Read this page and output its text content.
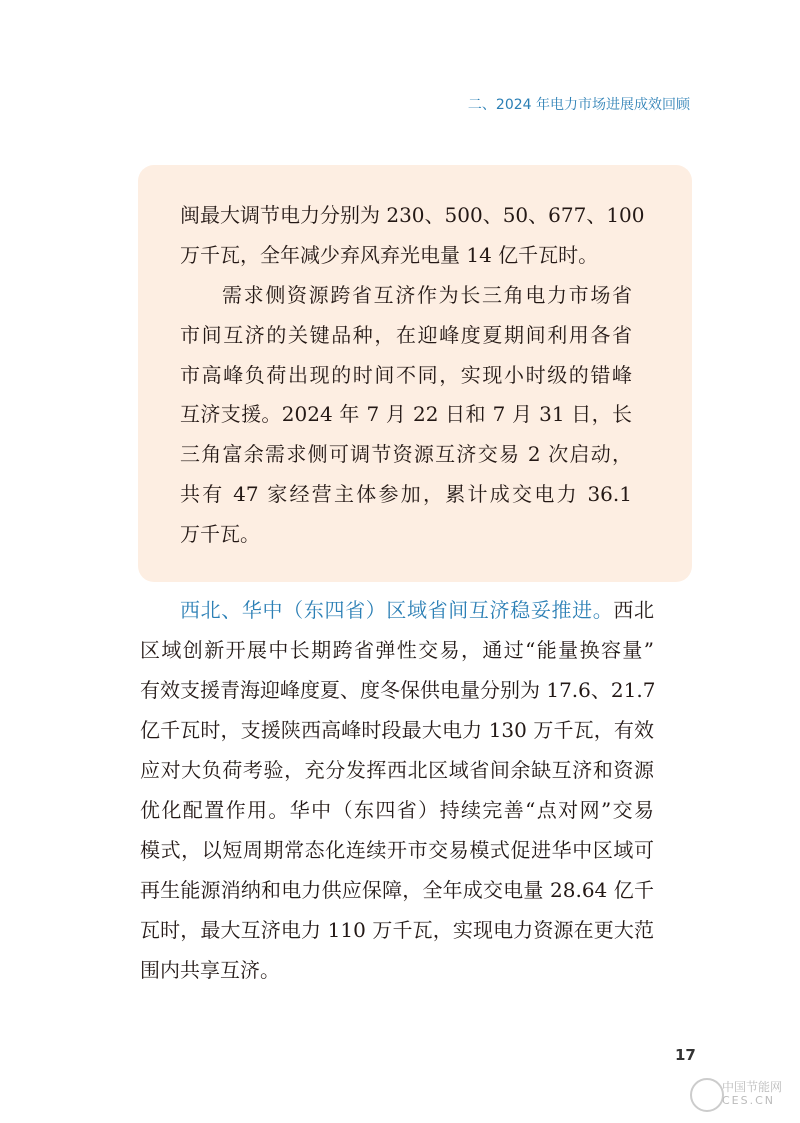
二、2024 年电力市场进展成效回顾
闽最大调节电力分别为 230、500、50、677、100
万千瓦，全年减少弃风弃光电量 14 亿千瓦时。
需求侧资源跨省互济作为长三角电力市场省
市间互济的关键品种，在迎峰度夏期间利用各省
市高峰负荷出现的时间不同，实现小时级的错峰
互济支援。2024 年 7 月 22 日和 7 月 31 日，长
三角富余需求侧可调节资源互济交易 2 次启动，
共有 47 家经营主体参加，累计成交电力 36.1
万千瓦。
西北、华中（东四省）区域省间互济稳妥推进。西北
区域创新开展中长期跨省弹性交易，通过“能量换容量”
有效支援青海迎峰度夏、度冬保供电量分别为 17.6、21.7
亿千瓦时，支援陕西高峰时段最大电力 130 万千瓦，有效
应对大负荷考验，充分发挥西北区域省间余缺互济和资源
优化配置作用。华中（东四省）持续完善“点对网”交易
模式，以短周期常态化连续开市交易模式促进华中区域可
再生能源消纳和电力供应保障，全年成交电量 28.64 亿千
瓦时，最大互济电力 110 万千瓦，实现电力资源在更大范
围内共享互济。
17
中国节能网
CES.CN
